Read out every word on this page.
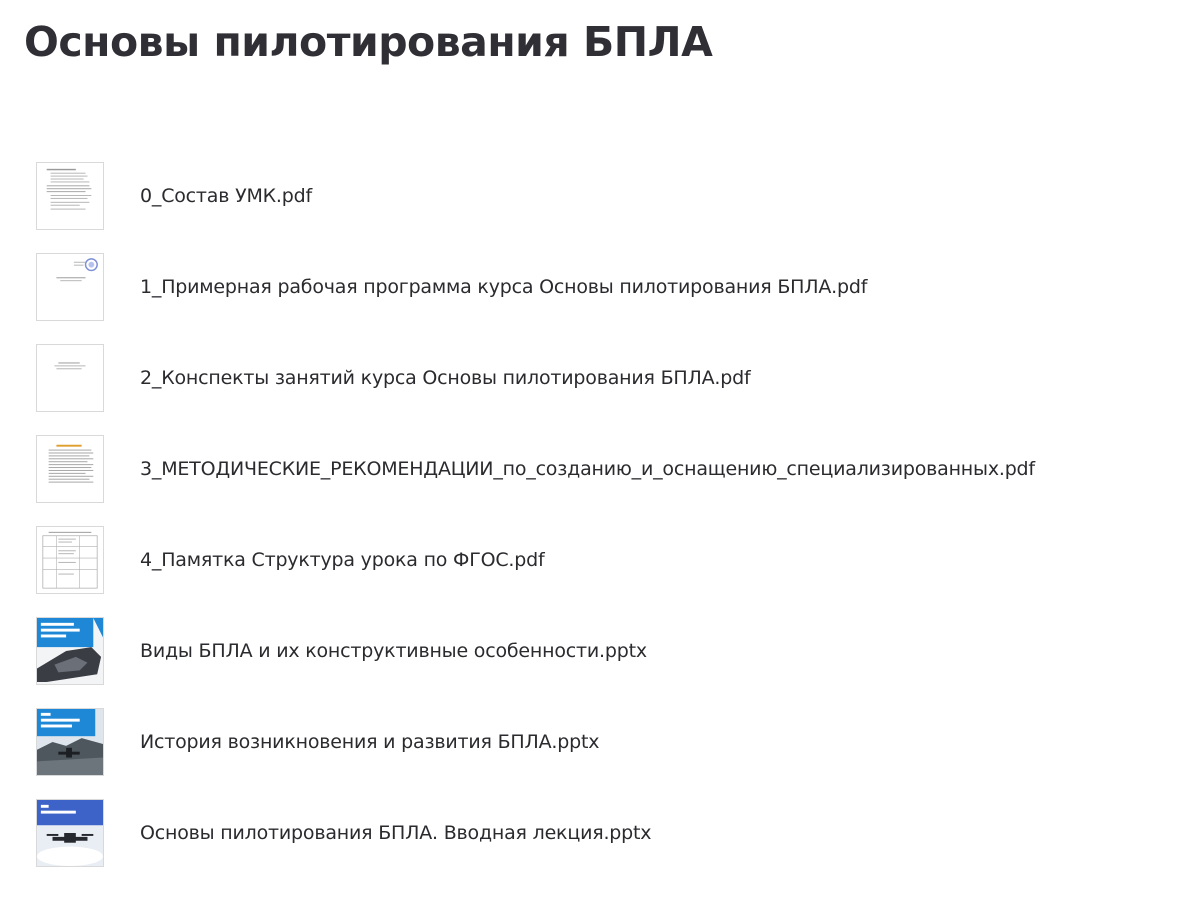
Основы пилотирования БПЛА
0_Состав УМК.pdf
1_Примерная рабочая программа курса Основы пилотирования БПЛА.pdf
2_Конспекты занятий курса Основы пилотирования БПЛА.pdf
3_МЕТОДИЧЕСКИЕ_РЕКОМЕНДАЦИИ_по_созданию_и_оснащению_специализированных.pdf
4_Памятка Структура урока по ФГОС.pdf
Виды БПЛА и их конструктивные особенности.pptx
История возникновения и развития БПЛА.pptx
Основы пилотирования БПЛА. Вводная лекция.pptx
